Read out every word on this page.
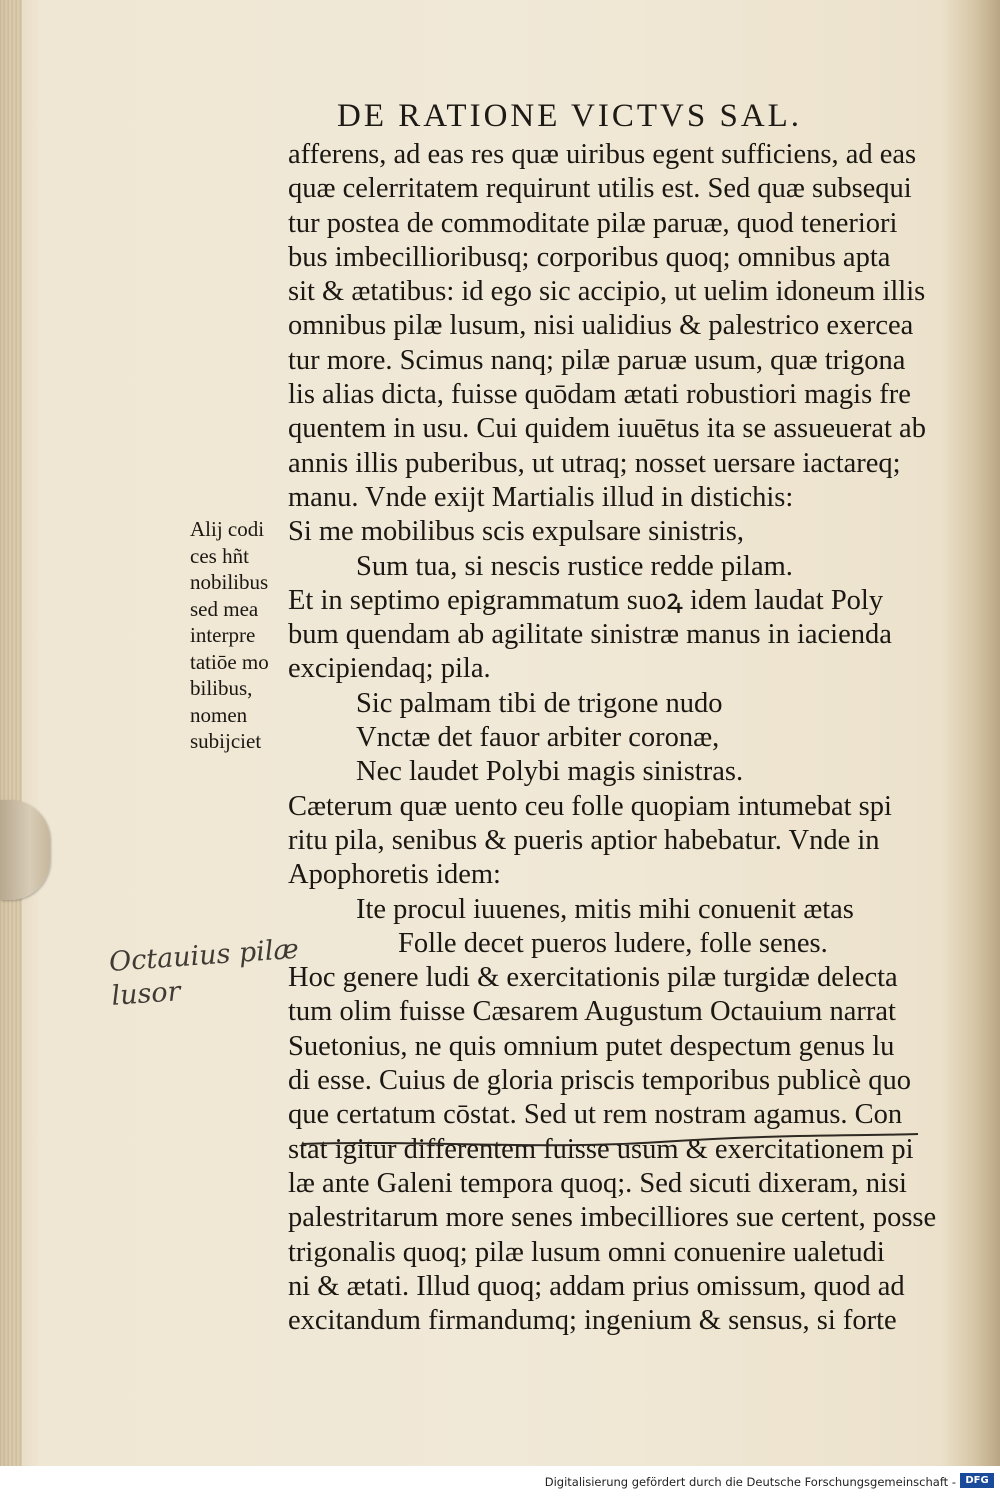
DE RATIONE VICTVS SAL.
afferens, ad eas res quæ uiribus egent sufficiens, ad eas
quæ celerritatem requirunt utilis est. Sed quæ subsequi
tur postea de commoditate pilæ paruæ, quod teneriori
bus imbecillioribusq; corporibus quoq; omnibus apta
sit & ætatibus: id ego sic accipio, ut uelim idoneum illis
omnibus pilæ lusum, nisi ualidius & palestrico exercea
tur more. Scimus nanq; pilæ paruæ usum, quæ trigona
lis alias dicta, fuisse quōdam ætati robustiori magis fre
quentem in usu. Cui quidem iuuētus ita se assueuerat ab
annis illis puberibus, ut utraq; nosset uersare iactareq;
manu. Vnde exijt Martialis illud in distichis:
Si me mobilibus scis expulsare sinistris,
Sum tua, si nescis rustice redde pilam.
Et in septimo epigrammatum suoꝝ idem laudat Poly
bum quendam ab agilitate sinistræ manus in iacienda
excipiendaq; pila.
Sic palmam tibi de trigone nudo
Vnctæ det fauor arbiter coronæ,
Nec laudet Polybi magis sinistras.
Cæterum quæ uento ceu folle quopiam intumebat spi
ritu pila, senibus & pueris aptior habebatur. Vnde in
Apophoretis idem:
Ite procul iuuenes, mitis mihi conuenit ætas
Folle decet pueros ludere, folle senes.
Hoc genere ludi & exercitationis pilæ turgidæ delecta
tum olim fuisse Cæsarem Augustum Octauium narrat
Suetonius, ne quis omnium putet despectum genus lu
di esse. Cuius de gloria priscis temporibus publicè quo
que certatum cōstat. Sed ut rem nostram agamus. Con
stat igitur differentem fuisse usum & exercitationem pi
læ ante Galeni tempora quoq;. Sed sicuti dixeram, nisi
palestritarum more senes imbecilliores sue certent, posse
trigonalis quoq; pilæ lusum omni conuenire ualetudi
ni & ætati. Illud quoq; addam prius omissum, quod ad
excitandum firmandumq; ingenium & sensus, si forte
Alij codi
ces hñt
nobilibus
sed mea
interpre
tatiōe mo
bilibus,
nomen
subijciet
Octauius pilæ
lusor
Digitalisierung gefördert durch die Deutsche Forschungsgemeinschaft - DFG
